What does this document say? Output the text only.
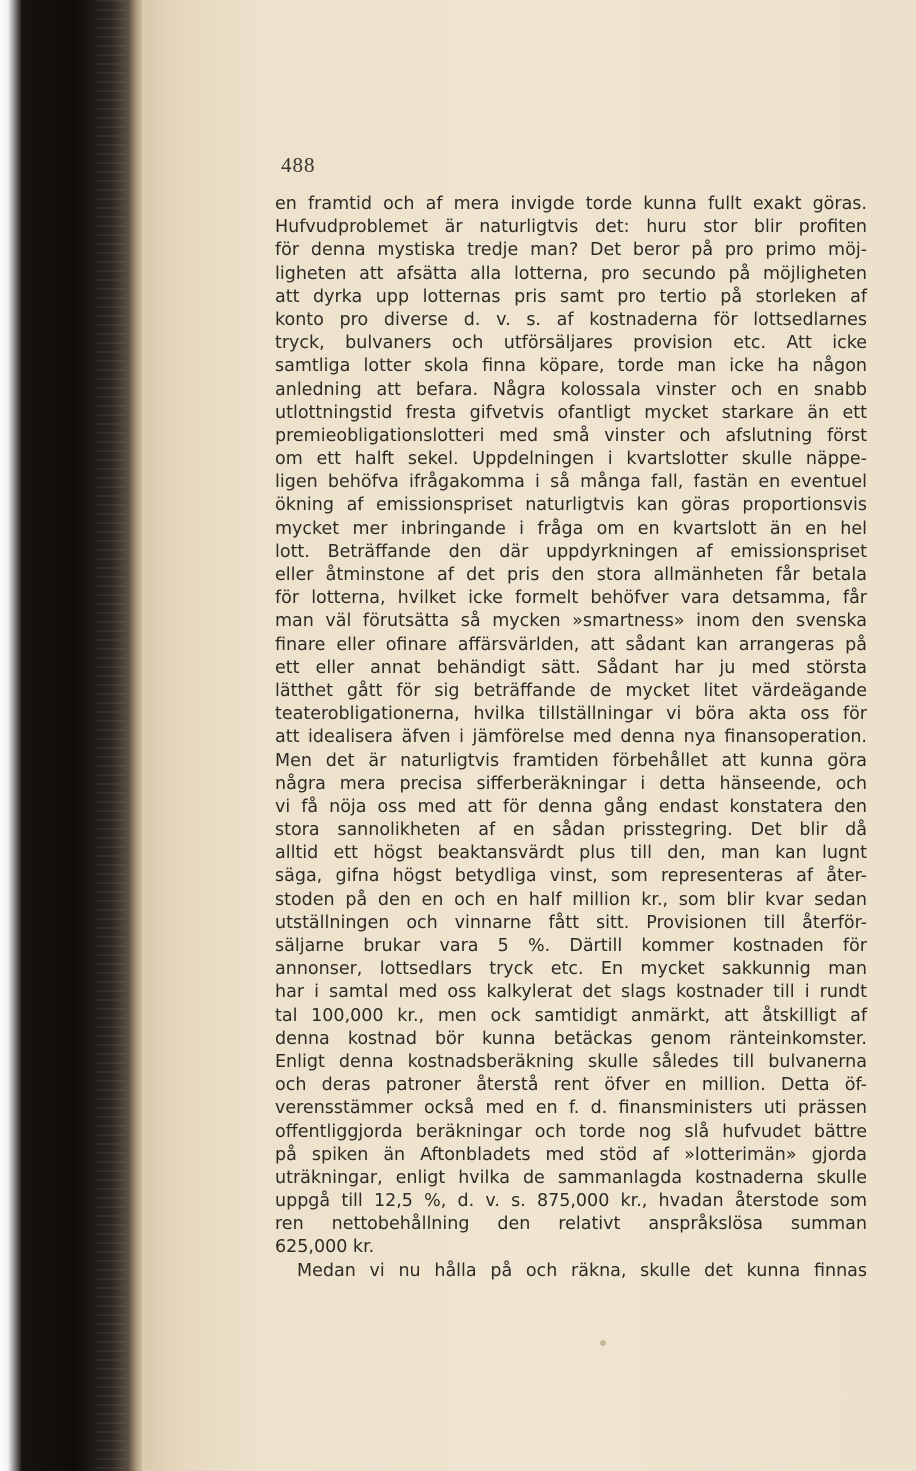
488
en framtid och af mera invigde torde kunna fullt exakt göras.
Hufvudproblemet är naturligtvis det: huru stor blir profiten
för denna mystiska tredje man? Det beror på pro primo möj-
ligheten att afsätta alla lotterna, pro secundo på möjligheten
att dyrka upp lotternas pris samt pro tertio på storleken af
konto pro diverse d. v. s. af kostnaderna för lottsedlarnes
tryck, bulvaners och utförsäljares provision etc. Att icke
samtliga lotter skola finna köpare, torde man icke ha någon
anledning att befara. Några kolossala vinster och en snabb
utlottningstid fresta gifvetvis ofantligt mycket starkare än ett
premieobligationslotteri med små vinster och afslutning först
om ett halft sekel. Uppdelningen i kvartslotter skulle näppe-
ligen behöfva ifrågakomma i så många fall, fastän en eventuel
ökning af emissionspriset naturligtvis kan göras proportionsvis
mycket mer inbringande i fråga om en kvartslott än en hel
lott. Beträffande den där uppdyrkningen af emissionspriset
eller åtminstone af det pris den stora allmänheten får betala
för lotterna, hvilket icke formelt behöfver vara detsamma, får
man väl förutsätta så mycken »smartness» inom den svenska
finare eller ofinare affärsvärlden, att sådant kan arrangeras på
ett eller annat behändigt sätt. Sådant har ju med största
lätthet gått för sig beträffande de mycket litet värdeägande
teaterobligationerna, hvilka tillställningar vi böra akta oss för
att idealisera äfven i jämförelse med denna nya finansoperation.
Men det är naturligtvis framtiden förbehållet att kunna göra
några mera precisa sifferberäkningar i detta hänseende, och
vi få nöja oss med att för denna gång endast konstatera den
stora sannolikheten af en sådan prisstegring. Det blir då
alltid ett högst beaktansvärdt plus till den, man kan lugnt
säga, gifna högst betydliga vinst, som representeras af åter-
stoden på den en och en half million kr., som blir kvar sedan
utställningen och vinnarne fått sitt. Provisionen till återför-
säljarne brukar vara 5 %. Därtill kommer kostnaden för
annonser, lottsedlars tryck etc. En mycket sakkunnig man
har i samtal med oss kalkylerat det slags kostnader till i rundt
tal 100,000 kr., men ock samtidigt anmärkt, att åtskilligt af
denna kostnad bör kunna betäckas genom ränteinkomster.
Enligt denna kostnadsberäkning skulle således till bulvanerna
och deras patroner återstå rent öfver en million. Detta öf-
verensstämmer också med en f. d. finansministers uti prässen
offentliggjorda beräkningar och torde nog slå hufvudet bättre
på spiken än Aftonbladets med stöd af »lotterimän» gjorda
uträkningar, enligt hvilka de sammanlagda kostnaderna skulle
uppgå till 12,5 %, d. v. s. 875,000 kr., hvadan återstode som
ren nettobehållning den relativt anspråkslösa summan
625,000 kr.
Medan vi nu hålla på och räkna, skulle det kunna finnas
